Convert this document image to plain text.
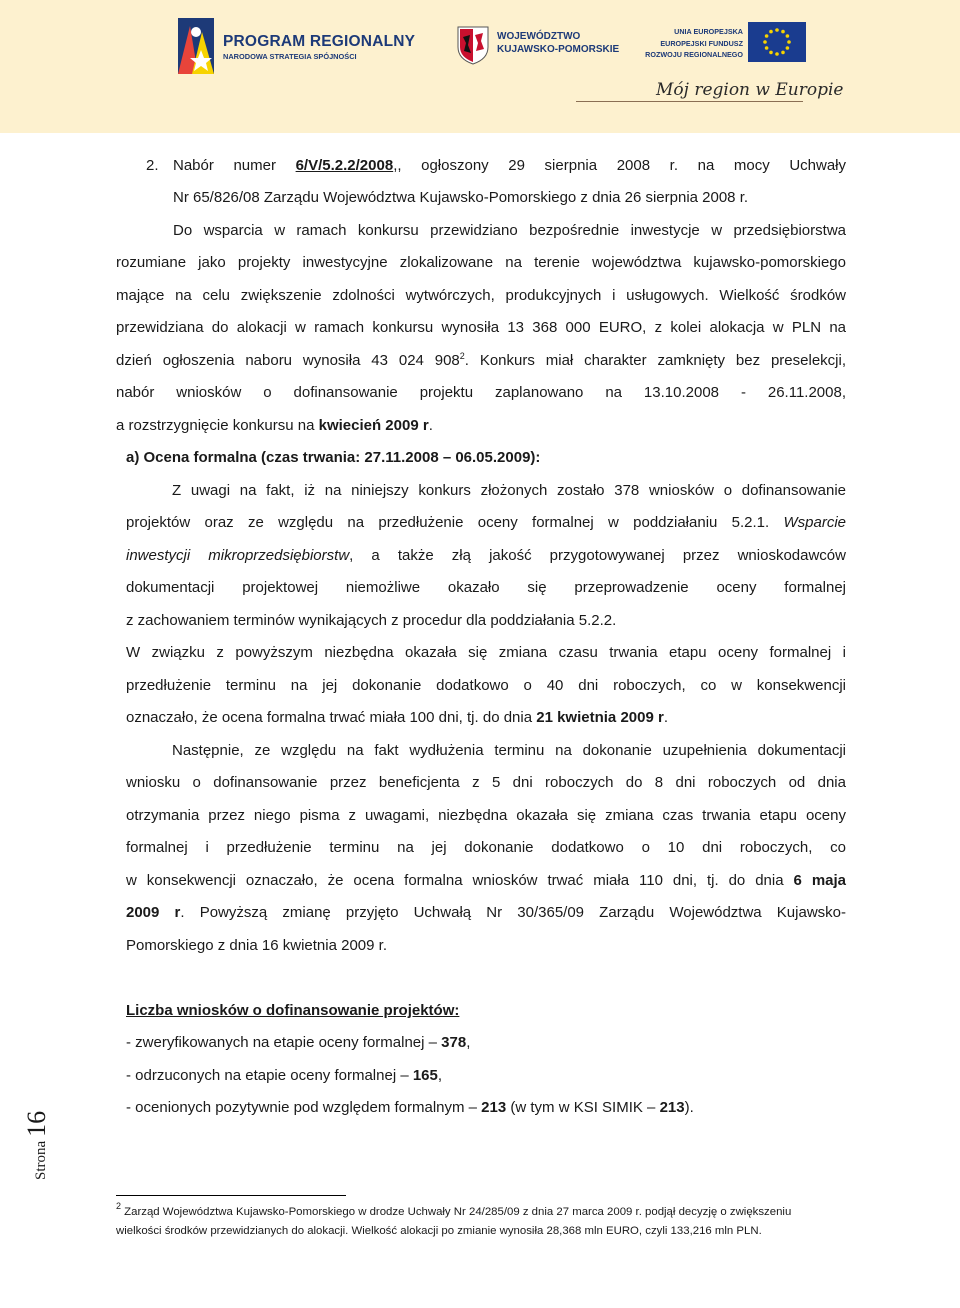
PROGRAM REGIONALNY
NARODOWA STRATEGIA SPÓJNOŚCI
WOJEWÓDZTWO
KUJAWSKO-POMORSKIE
UNIA EUROPEJSKA
EUROPEJSKI FUNDUSZ
ROZWOJU REGIONALNEGO
Mój region w Europie
2. Nabór numer 6/V/5.2.2/2008,, ogłoszony 29 sierpnia 2008 r. na mocy Uchwały
Nr 65/826/08 Zarządu Województwa Kujawsko-Pomorskiego z dnia 26 sierpnia 2008 r.
Do wsparcia w ramach konkursu przewidziano bezpośrednie inwestycje w przedsiębiorstwa
rozumiane jako projekty inwestycyjne zlokalizowane na terenie województwa kujawsko-pomorskiego
mające na celu zwiększenie zdolności wytwórczych, produkcyjnych i usługowych. Wielkość środków
przewidziana do alokacji w ramach konkursu wynosiła 13 368 000 EURO, z kolei alokacja w PLN na
dzień ogłoszenia naboru wynosiła 43 024 $908^2$. Konkurs miał charakter zamknięty bez preselekcji,
nabór wniosków o dofinansowanie projektu zaplanowano na 13.10.2008 - 26.11.2008,
a rozstrzygnięcie konkursu na kwiecień 2009 r.
a) Ocena formalna (czas trwania: 27.11.2008 – 06.05.2009):
Z uwagi na fakt, iż na niniejszy konkurs złożonych zostało 378 wniosków o dofinansowanie
projektów oraz ze względu na przedłużenie oceny formalnej w poddziałaniu 5.2.1. Wsparcie
inwestycji mikroprzedsiębiorstw, a także złą jakość przygotowywanej przez wnioskodawców
dokumentacji projektowej niemożliwe okazało się przeprowadzenie oceny formalnej
z zachowaniem terminów wynikających z procedur dla poddziałania 5.2.2.
W związku z powyższym niezbędna okazała się zmiana czasu trwania etapu oceny formalnej i
przedłużenie terminu na jej dokonanie dodatkowo o 40 dni roboczych, co w konsekwencji
oznaczało, że ocena formalna trwać miała 100 dni, tj. do dnia 21 kwietnia 2009 r.
Następnie, ze względu na fakt wydłużenia terminu na dokonanie uzupełnienia dokumentacji
wniosku o dofinansowanie przez beneficjenta z 5 dni roboczych do 8 dni roboczych od dnia
otrzymania przez niego pisma z uwagami, niezbędna okazała się zmiana czas trwania etapu oceny
formalnej i przedłużenie terminu na jej dokonanie dodatkowo o 10 dni roboczych, co
w konsekwencji oznaczało, że ocena formalna wniosków trwać miała 110 dni, tj. do dnia 6 maja
2009 r. Powyższą zmianę przyjęto Uchwałą Nr 30/365/09 Zarządu Województwa Kujawsko-
Pomorskiego z dnia 16 kwietnia 2009 r.
Liczba wniosków o dofinansowanie projektów:
- zweryfikowanych na etapie oceny formalnej – 378,
- odrzuconych na etapie oceny formalnej – 165,
- ocenionych pozytywnie pod względem formalnym – 213 (w tym w KSI SIMIK – 213).
Strona 16
$^2$ Zarząd Województwa Kujawsko-Pomorskiego w drodze Uchwały Nr 24/285/09 z dnia 27 marca 2009 r. podjął decyzję o zwiększeniu
wielkości środków przewidzianych do alokacji. Wielkość alokacji po zmianie wynosiła 28,368 mln EURO, czyli 133,216 mln PLN.
